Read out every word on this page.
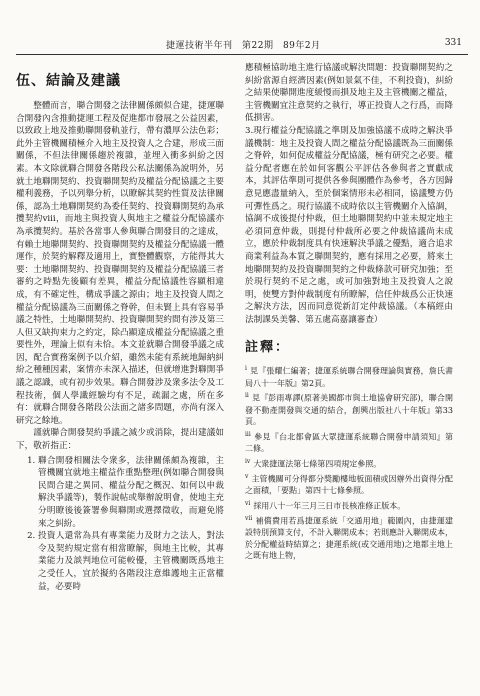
捷運技術半年刊　第22期　89年2月	331
伍、結論及建議

整體而言，聯合開發之法律關係頗似合建，捷運聯合開發內含推動捷運工程及促進都市發展之公益因素，以致政上地及推動聯開發軌並行，帶有濃厚公法色彩；此外主管機關積極介入地主及投資人之合建，形成三面關係，不但法律關係趨於複雜，並埋入衝多糾紛之因素。本文除就聯合開發各階段公私法關係為說明外，另就土地聯開契約、投資聯開契約及權益分配協議之主要權利義務，予以列舉分析，以瞭解其契約性質及法律關係，認為土地聯開契約為委任契約、投資聯開契約為承攬契約viii，而地主與投資人與地主之權益分配協議亦為承攬契約。基於各當事人參與聯合開發目的之達成，有賴土地聯開契約、投資聯開契約及權益分配協議一體運作，於契約解釋及適用上，實整體觀察，方能得其大要：土地聯開契約、投資聯開契約及權益分配協議三者審約之時點先後顧有差異，權益分配協議性容顯相違成，有不確定性，構成爭議之源由；地主及投資人間之權益分配協議為三面關係之脊幹，但未賢上具有容易爭議之特性，土地聯開契約、投資聯開契約間有涉及第三人但又缺拘束力之約定，除凸顯達成權益分配協議之重要性外，理論上似有未恰。本文並就聯合開發爭議之成因，配合實務案例予以介紹，雖然未能有系統地歸納糾紛之種種因素，案情亦未深入描述，但就增進對聯開爭議之認識，或有初步效果。聯合開發涉及衆多法令及工程技術，個人學識經驗均有不足，疏漏之處，所在多有：就聯合開發各階段公法面之諸多問題，亦尚有深入研究之餘地。

謹就聯合開發契約爭議之減少或消除，提出建議如下，敬祈指正：

1. 聯合開發相關法令衆多，法律關係頗為複雜，主管機關宜就地主權益作重點整理(例如聯合開發與民間合建之異同、權益分配之概況、如何以申裁解決爭議等)，製作說帖或舉辦說明會，使地主充分明瞭後後簽署參與聯開或選擇徵收，而避免將來之糾紛。
2. 投資人還常為具有專業能力及財力之法人，對法令及契約規定當有相當瞭解，與地主比較，其專業能力及談判地位可能較優，主管機關既爲地主之受任人，宜於擬約各階段注意維護地主正當權益，必要時

應積極協助地主進行協議或解決問題：投資聯開契約之糾紛當源自經濟因素(例如景氣不佳，不利投資)，糾紛之結果使聯開進度緩慢而損及地主及主管機關之權益，主管機關宜注意契約之執行，導正投資人之行爲，而降低損害。

3.現行權益分配協議之準則及加強協議不成時之解決爭議機制：地主及投資人間之權益分配協議既為三面關係之脊幹，如何促成權益分配協議，極有研究之必要。權益分配者應在於如何客觀公平評估各參與者之實獻成本，其評估準則可提供各參與團體作為參考，各方因歸意見應盡量納入，至於個案情形未必相同，協議雙方仍可彈性爲之。現行協議不成時依以主管機關介入協調，協調不成後提付仲裁，但土地聯開契約中並未規定地主必須同意仲裁，則提付仲裁所必要之仲裁協議尚未成立，應於仲裁制度具有快速解決爭議之優點，適合追求商業利益為本質之聯開契約，應有採用之必要，將來土地聯開契約及投資聯開契約之仲裁條款可研究加強；至於現行契約不足之處，或可加強對地主及投資人之說明，使雙方對仲裁制度有所瞭解，信任仲裁爲公正快速之解決方法，因而同意從新訂定仲裁協議。（本稿經由法制課吳美馨、第五處高嘉讓審查）

註釋：

$^i$ 見『張耀仁編著；捷運系統聯合開發理論與實務，詹氏書局八十一年版』第2頁。

$^{ii}$ 見『彭雨專譯(原著美國都市與土地協會研究部)，聯合開發不動產開發與交通的結合，創興出版社八十年版』第33頁。

$^{iii}$ 參見『台北都會區大眾捷運系統聯合開發申請須知』第二條。

$^{iv}$ 大衆捷運法第七條第四項規定參照。

$^v$ 主管機關可分得都分獎勵樓地板面積或因辦外出資得分配之面積，「要點」第四十七條參照。

$^{vi}$ 採用八十一年三月三日市長核准修正版本。

$^{vii}$ 補償費用若爲捷運系統「交通用地」範圍內，由捷運建設特別預算支付，不計入聯開成本；若則應計入聯開成本，於分配權益時結算之；捷運系統(或交通用地)之地都主地上之既有地上物，
